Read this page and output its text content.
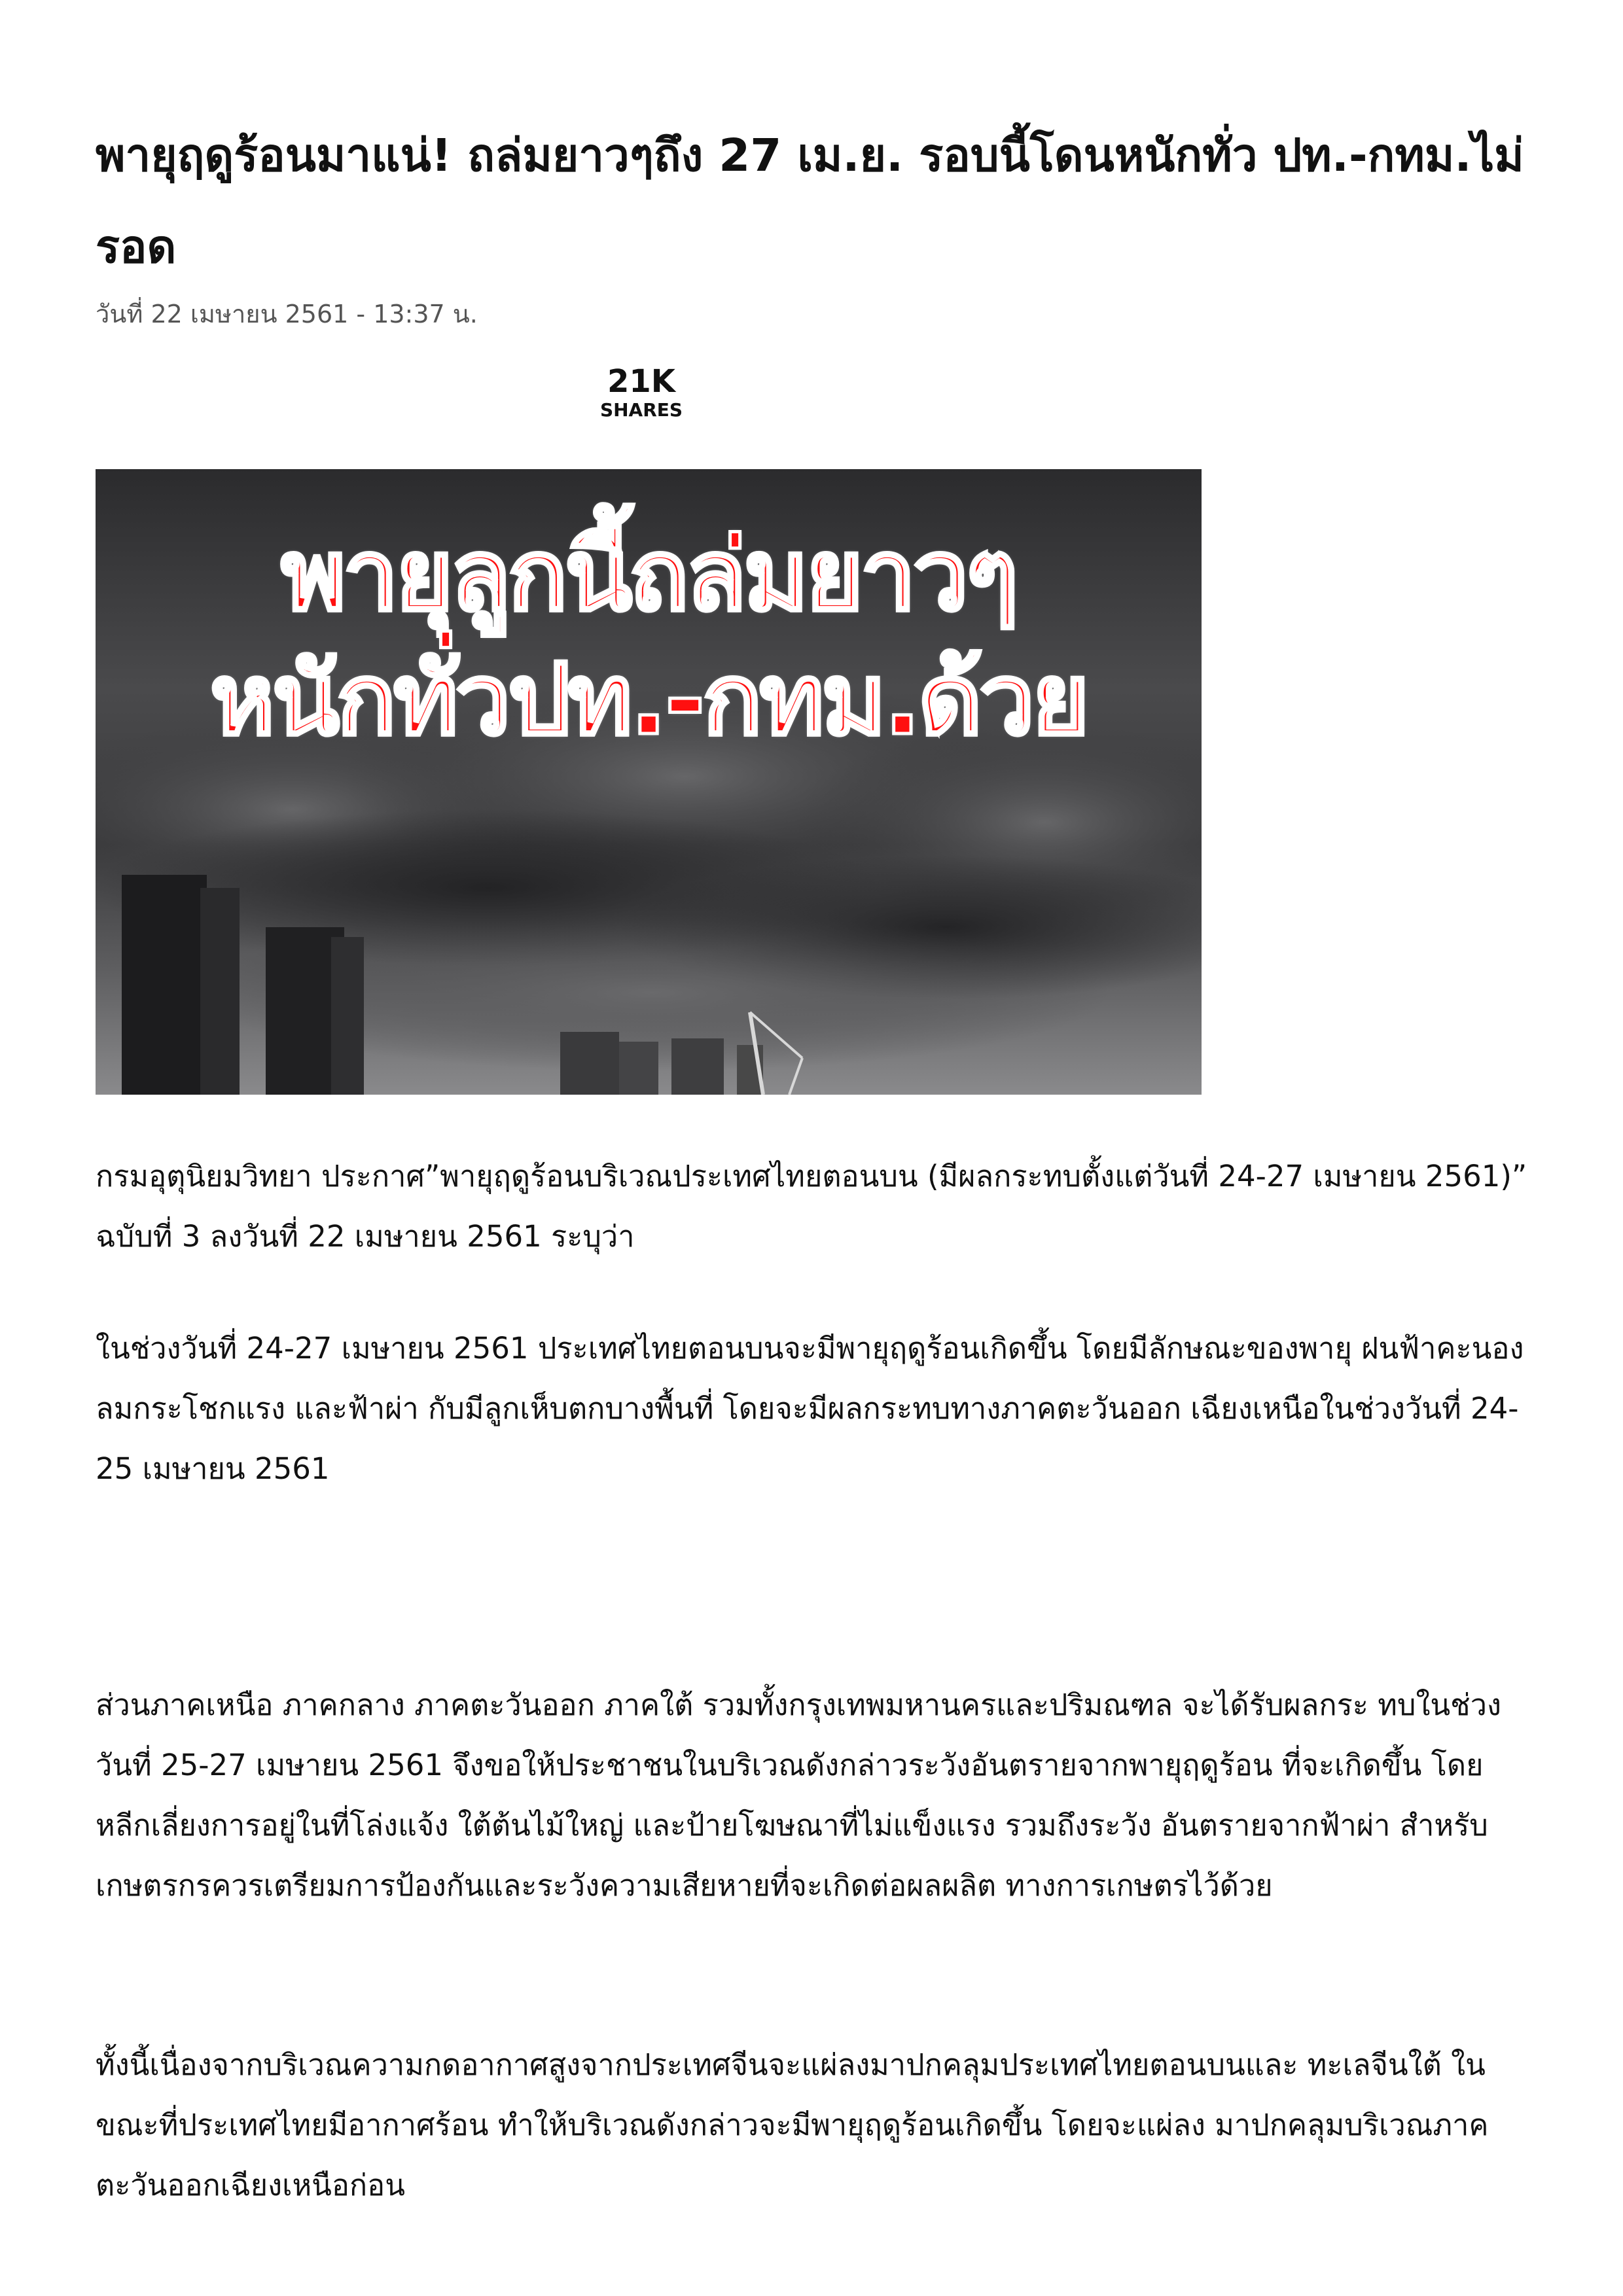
พายุฤดูร้อนมาแน่! ถล่มยาวๆถึง 27 เม.ย. รอบนี้โดนหนักทั่ว ปท.-กทม.ไม่รอด
วันที่ 22 เมษายน 2561 - 13:37 น.
21K
SHARES
พายุลูกนี้ถล่มยาวๆ
หนักทั่วปท.-กทม.ด้วย

กรมอุตุนิยมวิทยา ประกาศ”พายุฤดูร้อนบริเวณประเทศไทยตอนบน (มีผลกระทบตั้งแต่วันที่ 24-27 เมษายน 2561)” ฉบับที่ 3 ลงวันที่ 22 เมษายน 2561 ระบุว่า

ในช่วงวันที่ 24-27 เมษายน 2561 ประเทศไทยตอนบนจะมีพายุฤดูร้อนเกิดขึ้น โดยมีลักษณะของพายุ ฝนฟ้าคะนอง ลมกระโชกแรง และฟ้าผ่า กับมีลูกเห็บตกบางพื้นที่ โดยจะมีผลกระทบทางภาคตะวันออก เฉียงเหนือในช่วงวันที่ 24-25 เมษายน 2561

ส่วนภาคเหนือ ภาคกลาง ภาคตะวันออก ภาคใต้ รวมทั้งกรุงเทพมหานครและปริมณฑล จะได้รับผลกระ ทบในช่วงวันที่ 25-27 เมษายน 2561 จึงขอให้ประชาชนในบริเวณดังกล่าวระวังอันตรายจากพายุฤดูร้อน ที่จะเกิดขึ้น โดยหลีกเลี่ยงการอยู่ในที่โล่งแจ้ง ใต้ต้นไม้ใหญ่ และป้ายโฆษณาที่ไม่แข็งแรง รวมถึงระวัง อันตรายจากฟ้าผ่า สำหรับเกษตรกรควรเตรียมการป้องกันและระวังความเสียหายที่จะเกิดต่อผลผลิต ทางการเกษตรไว้ด้วย

ทั้งนี้เนื่องจากบริเวณความกดอากาศสูงจากประเทศจีนจะแผ่ลงมาปกคลุมประเทศไทยตอนบนและ ทะเลจีนใต้ ในขณะที่ประเทศไทยมีอากาศร้อน ทำให้บริเวณดังกล่าวจะมีพายุฤดูร้อนเกิดขึ้น โดยจะแผ่ลง มาปกคลุมบริเวณภาคตะวันออกเฉียงเหนือก่อน
